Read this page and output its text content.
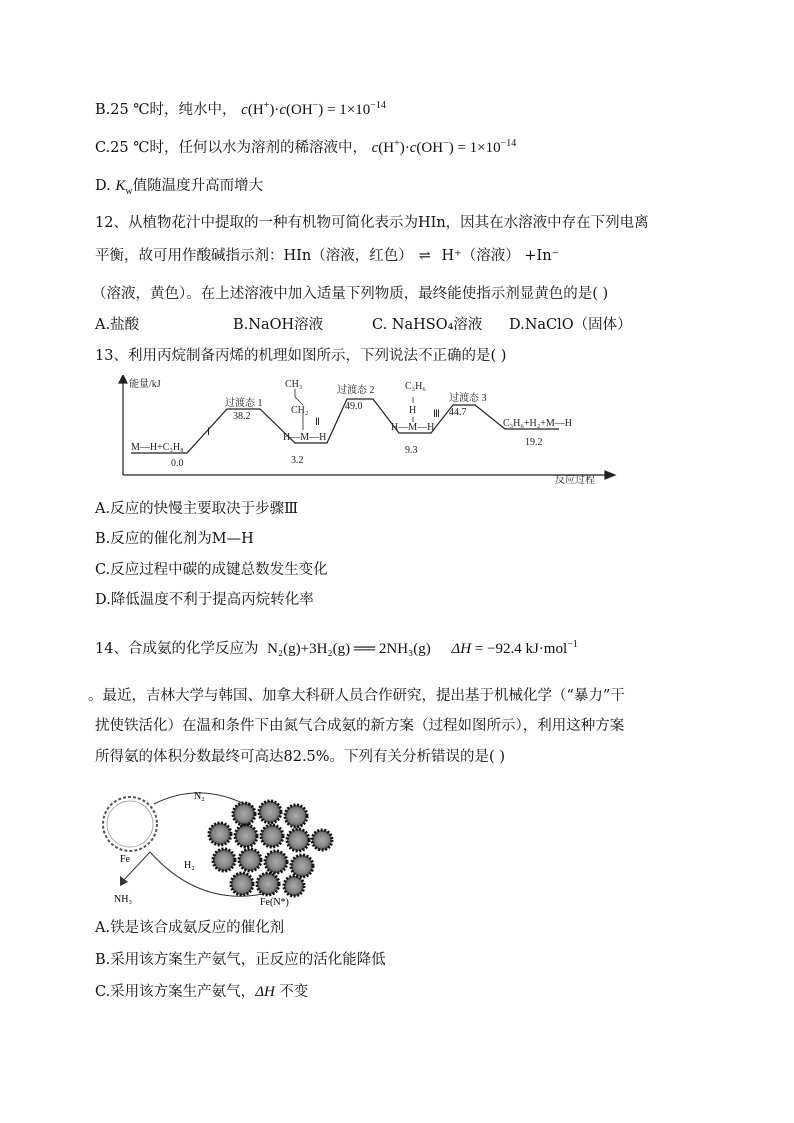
B.25 ℃时，纯水中， $c(H^+)\cdot c(OH^-) = 1\times 10^{-14}$
C.25 ℃时，任何以水为溶剂的稀溶液中， $c(H^+)\cdot c(OH^-) = 1\times 10^{-14}$
D. $K_w$值随温度升高而增大
12、从植物花汁中提取的一种有机物可简化表示为HIn，因其在水溶液中存在下列电离
平衡，故可用作酸碱指示剂：HIn（溶液，红色） ⇌ H⁺（溶液） +In⁻
（溶液，黄色）。在上述溶液中加入适量下列物质，最终能使指示剂显黄色的是( )
A.盐酸	B.NaOH溶液	C. NaHSO₄溶液 D.NaClO（固体）
13、利用丙烷制备丙烯的机理如图所示，下列说法不正确的是( )
能量/kJ
反应过程
M—H+C₃H₈
0.0
过渡态 1
38.2
Ⅰ
CH₃
CH₂
Ⅱ
H—M—H
3.2
过渡态 2
49.0
C₃H₆
H
H—M—H
9.3
Ⅲ
过渡态 3
44.7
C₃H₆+H₂+M—H
19.2
A.反应的快慢主要取决于步骤Ⅲ
B.反应的催化剂为M—H
C.反应过程中碳的成键总数发生变化
D.降低温度不利于提高丙烷转化率
14、合成氨的化学反应为 N₂(g)+3H₂(g) ══ 2NH₃(g) ΔH = −92.4 kJ·mol$^{-1}$
。最近，吉林大学与韩国、加拿大科研人员合作研究，提出基于机械化学（“暴力”干
扰使铁活化）在温和条件下由氮气合成氨的新方案（过程如图所示），利用这种方案
所得氨的体积分数最终可高达82.5%。下列有关分析错误的是( )
Fe
N₂
H₂
NH₃	Fe(N*)
A.铁是该合成氨反应的催化剂
B.采用该方案生产氨气，正反应的活化能降低
C.采用该方案生产氨气，ΔH 不变
